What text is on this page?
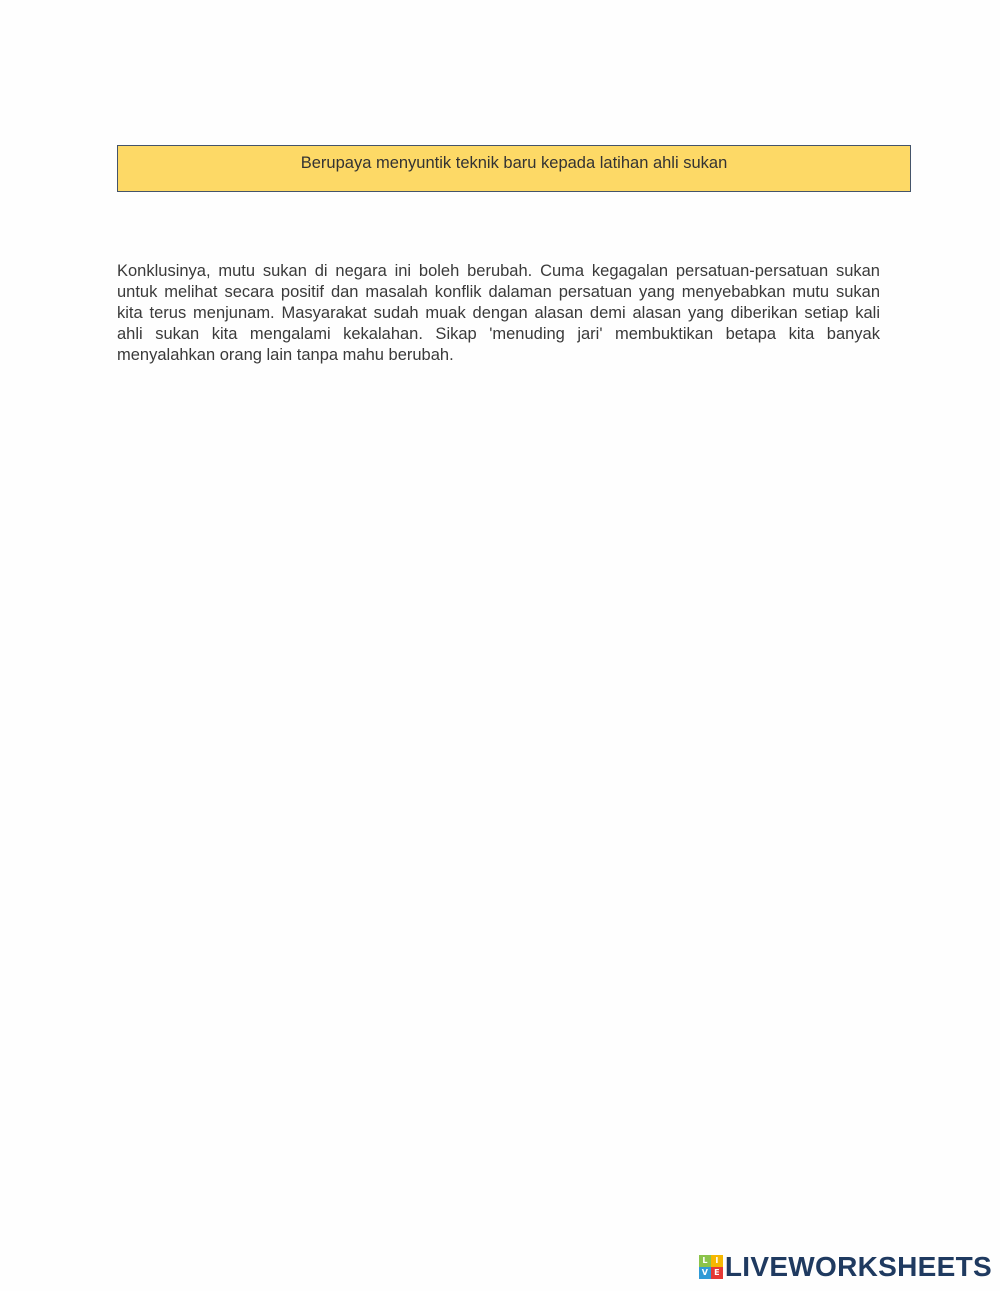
Berupaya menyuntik teknik baru kepada latihan ahli sukan

Konklusinya, mutu sukan di negara ini boleh berubah. Cuma kegagalan persatuan-persatuan sukan untuk melihat secara positif dan masalah konflik dalaman persatuan yang menyebabkan mutu sukan kita terus menjunam. Masyarakat sudah muak dengan alasan demi alasan yang diberikan setiap kali ahli sukan kita mengalami kekalahan. Sikap 'menuding jari' membuktikan betapa kita banyak menyalahkan orang lain tanpa mahu berubah.

L I
V E LIVEWORKSHEETS
